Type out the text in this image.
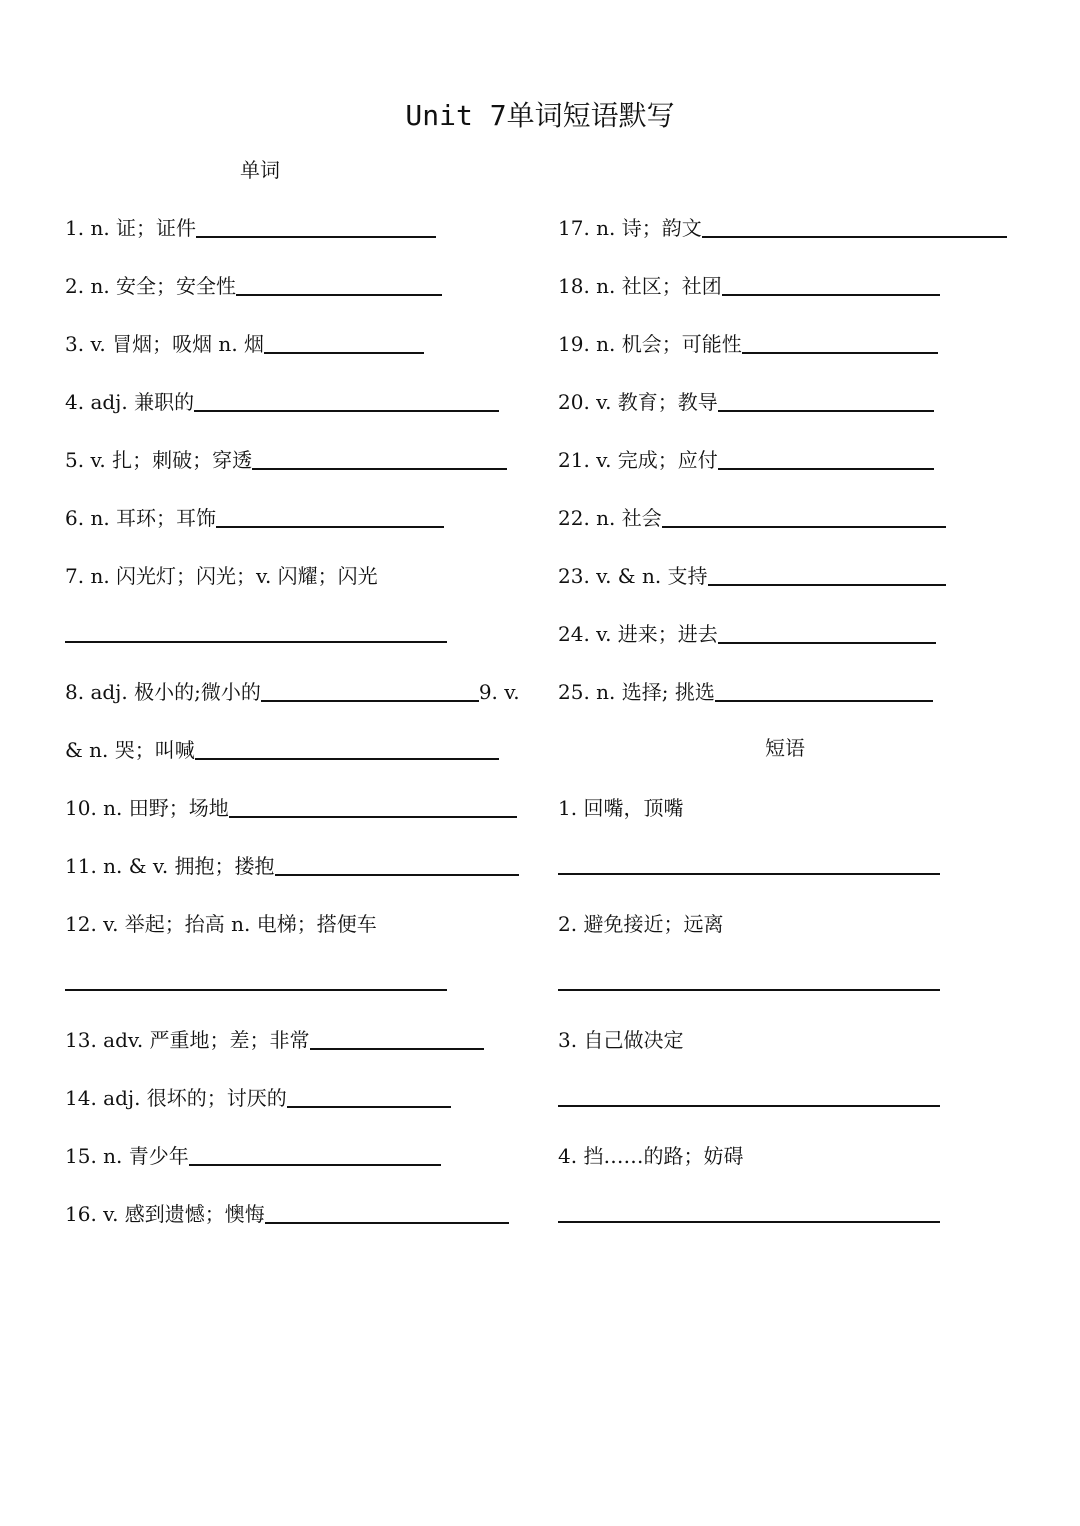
Unit 7单词短语默写
单词
1. n. 证；证件
2. n. 安全；安全性
3. v. 冒烟；吸烟 n. 烟
4. adj. 兼职的
5. v. 扎；刺破；穿透
6. n. 耳环；耳饰
7. n. 闪光灯；闪光；v. 闪耀；闪光
8. adj. 极小的;微小的	9. v.
& n. 哭；叫喊
10. n. 田野；场地
11. n. & v. 拥抱；搂抱
12. v. 举起；抬高 n. 电梯；搭便车
13. adv. 严重地；差；非常
14. adj. 很坏的；讨厌的
15. n. 青少年
16. v. 感到遗憾；懊悔
17. n. 诗；韵文
18. n. 社区；社团
19. n. 机会；可能性
20. v. 教育；教导
21. v. 完成；应付
22. n. 社会
23. v. & n. 支持
24. v. 进来；进去
25. n. 选择; 挑选
短语
1. 回嘴，顶嘴
2. 避免接近；远离
3. 自己做决定
4. 挡……的路；妨碍
